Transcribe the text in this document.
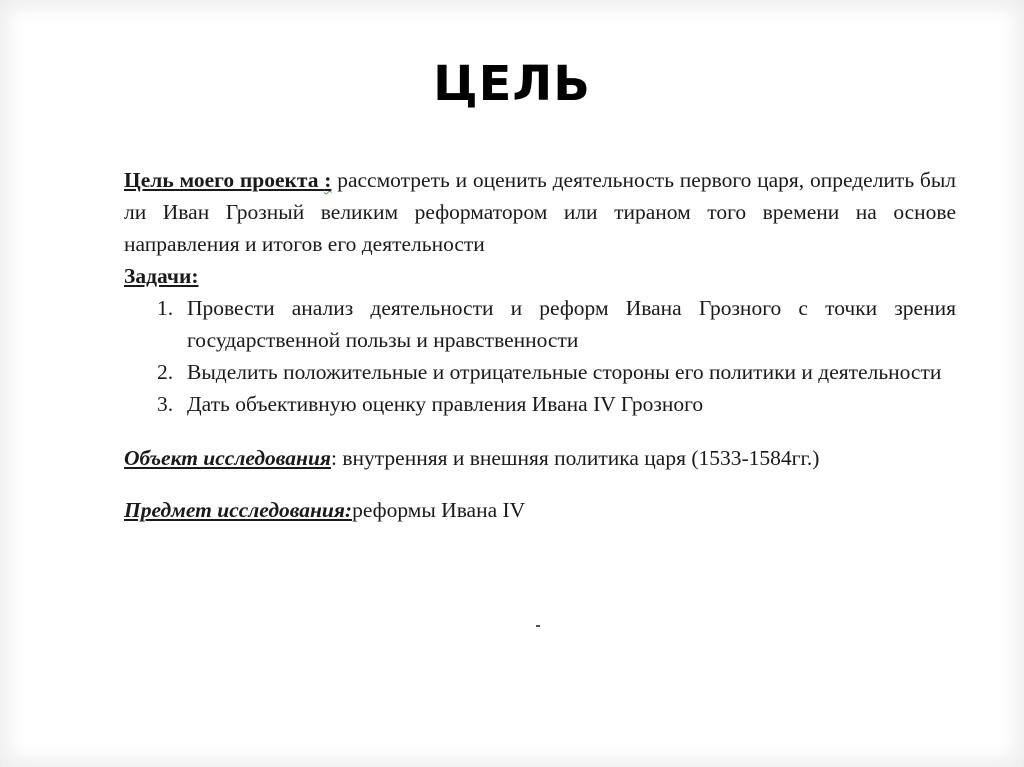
ЦЕЛЬ

Цель моего проекта : рассмотреть и оценить деятельность первого царя, определить был ли Иван Грозный великим реформатором или тираном того времени на основе направления и итогов его деятельности

Задачи:

1. Провести анализ деятельности и реформ Ивана Грозного с точки зрения государственной пользы и нравственности
2. Выделить положительные и отрицательные стороны его политики и деятельности
3. Дать объективную оценку правления Ивана IV Грозного

Объект исследования: внутренняя и внешняя политика царя (1533-1584гг.)

Предмет исследования:реформы Ивана IV
